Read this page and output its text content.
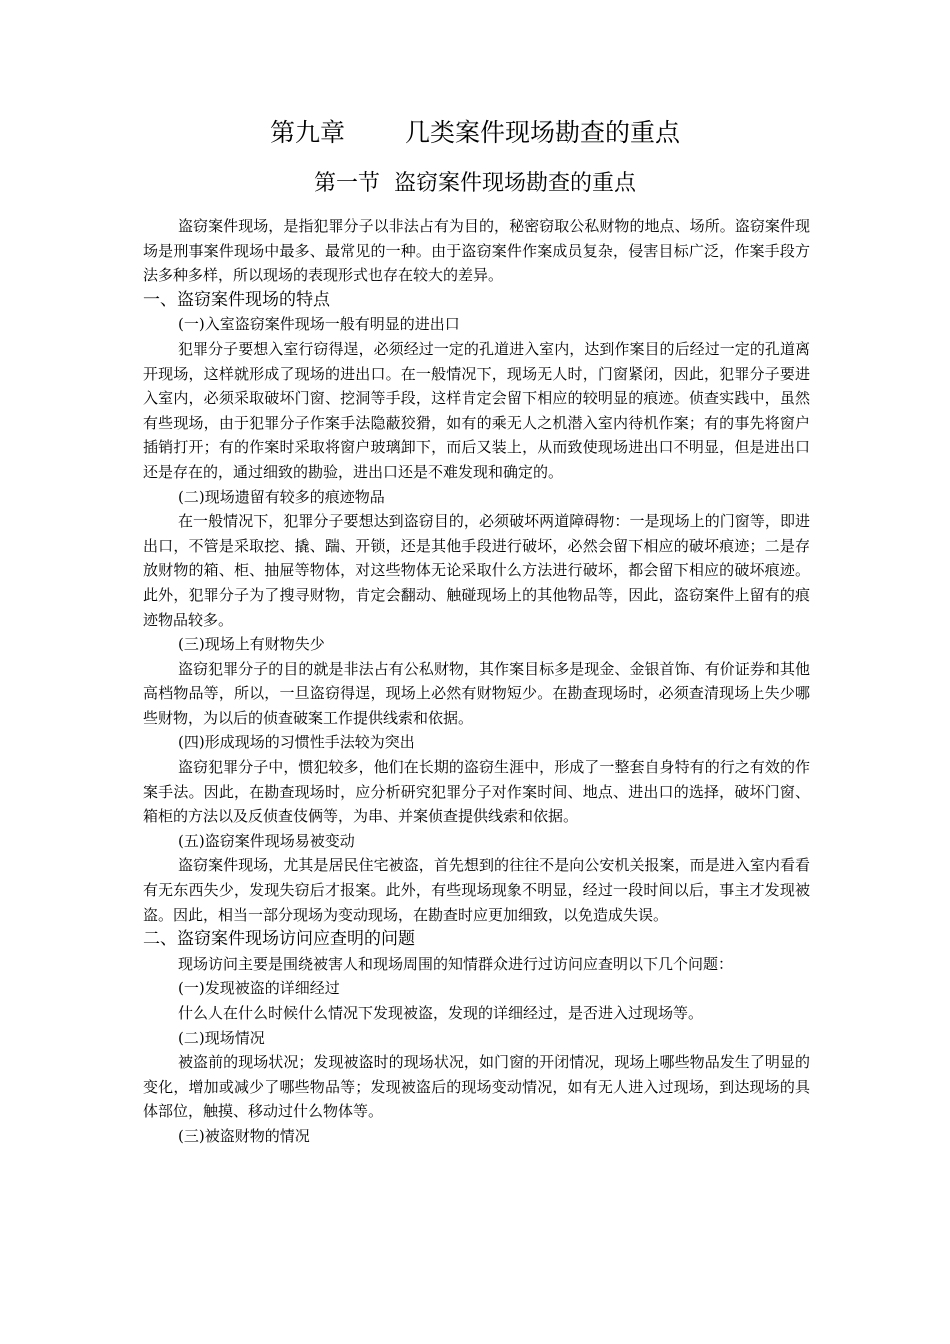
第九章 几类案件现场勘查的重点
第一节  盗窃案件现场勘查的重点

盗窃案件现场，是指犯罪分子以非法占有为目的，秘密窃取公私财物的地点、场所。盗窃案件现场是刑事案件现场中最多、最常见的一种。由于盗窃案件作案成员复杂，侵害目标广泛，作案手段方法多种多样，所以现场的表现形式也存在较大的差异。

一、盗窃案件现场的特点

(一)入室盗窃案件现场一般有明显的进出口

犯罪分子要想入室行窃得逞，必须经过一定的孔道进入室内，达到作案目的后经过一定的孔道离开现场，这样就形成了现场的进出口。在一般情况下，现场无人时，门窗紧闭，因此，犯罪分子要进入室内，必须采取破坏门窗、挖洞等手段，这样肯定会留下相应的较明显的痕迹。侦查实践中，虽然有些现场，由于犯罪分子作案手法隐蔽狡猾，如有的乘无人之机潜入室内待机作案；有的事先将窗户插销打开；有的作案时采取将窗户玻璃卸下，而后又装上，从而致使现场进出口不明显，但是进出口还是存在的，通过细致的勘验，进出口还是不难发现和确定的。

(二)现场遗留有较多的痕迹物品

在一般情况下，犯罪分子要想达到盗窃目的，必须破坏两道障碍物：一是现场上的门窗等，即进出口，不管是采取挖、撬、踹、开锁，还是其他手段进行破坏，必然会留下相应的破坏痕迹；二是存放财物的箱、柜、抽屉等物体，对这些物体无论采取什么方法进行破坏，都会留下相应的破坏痕迹。此外，犯罪分子为了搜寻财物，肯定会翻动、触碰现场上的其他物品等，因此，盗窃案件上留有的痕迹物品较多。

(三)现场上有财物失少

盗窃犯罪分子的目的就是非法占有公私财物，其作案目标多是现金、金银首饰、有价证券和其他高档物品等，所以，一旦盗窃得逞，现场上必然有财物短少。在勘查现场时，必须查清现场上失少哪些财物，为以后的侦查破案工作提供线索和依据。

(四)形成现场的习惯性手法较为突出

盗窃犯罪分子中，惯犯较多，他们在长期的盗窃生涯中，形成了一整套自身特有的行之有效的作案手法。因此，在勘查现场时，应分析研究犯罪分子对作案时间、地点、进出口的选择，破坏门窗、箱柜的方法以及反侦查伎俩等，为串、并案侦查提供线索和依据。

(五)盗窃案件现场易被变动

盗窃案件现场，尤其是居民住宅被盗，首先想到的往往不是向公安机关报案，而是进入室内看看有无东西失少，发现失窃后才报案。此外，有些现场现象不明显，经过一段时间以后，事主才发现被盗。因此，相当一部分现场为变动现场，在勘查时应更加细致，以免造成失误。

二、盗窃案件现场访问应查明的问题

现场访问主要是围绕被害人和现场周围的知情群众进行过访问应查明以下几个问题：

(一)发现被盗的详细经过

什么人在什么时候什么情况下发现被盗，发现的详细经过，是否进入过现场等。

(二)现场情况

被盗前的现场状况；发现被盗时的现场状况，如门窗的开闭情况，现场上哪些物品发生了明显的变化，增加或减少了哪些物品等；发现被盗后的现场变动情况，如有无人进入过现场，到达现场的具体部位，触摸、移动过什么物体等。

(三)被盗财物的情况
